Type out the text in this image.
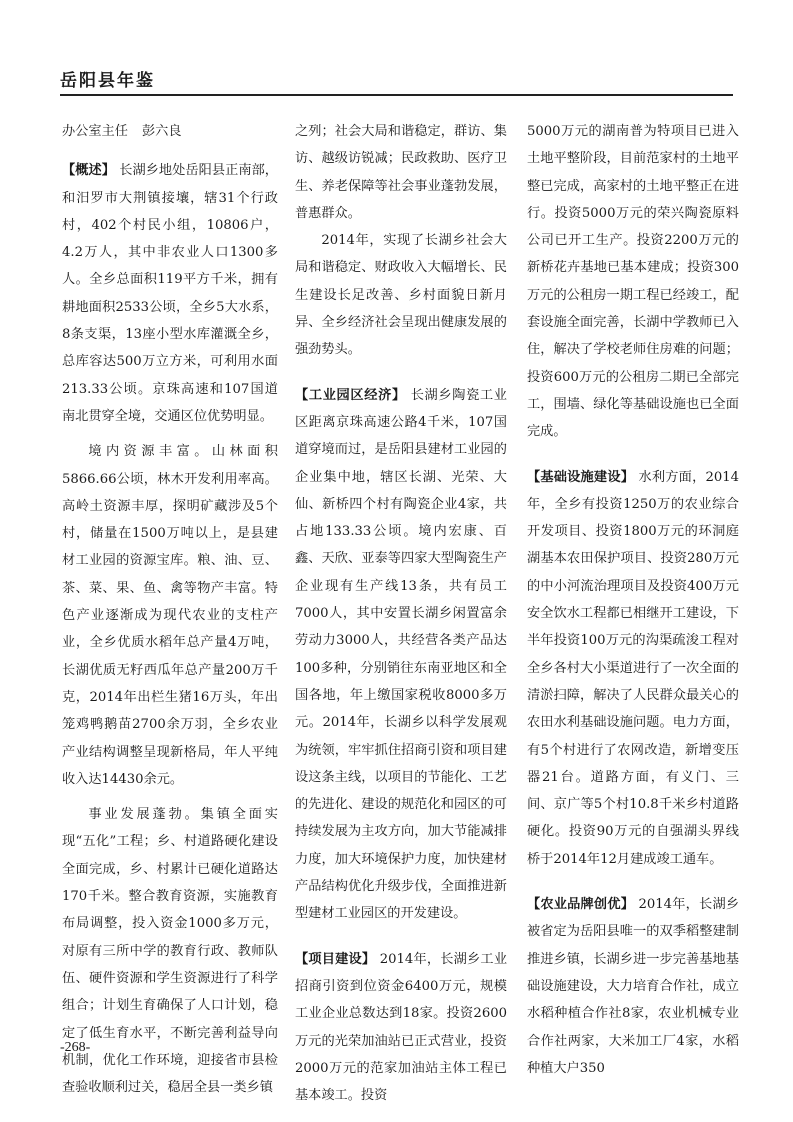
岳阳县年鉴

办公室主任 彭六良

【概述】 长湖乡地处岳阳县正南部，和汨罗市大荆镇接壤，辖31个行政村，402个村民小组，10806户，4.2万人，其中非农业人口1300多人。全乡总面积119平方千米，拥有耕地面积2533公顷，全乡5大水系，8条支渠，13座小型水库灌溉全乡，总库容达500万立方米，可利用水面213.33公顷。京珠高速和107国道南北贯穿全境，交通区位优势明显。

境内资源丰富。山林面积5866.66公顷，林木开发利用率高。高岭土资源丰厚，探明矿藏涉及5个村，储量在1500万吨以上，是县建材工业园的资源宝库。粮、油、豆、茶、菜、果、鱼、禽等物产丰富。特色产业逐渐成为现代农业的支柱产业，全乡优质水稻年总产量4万吨，长湖优质无籽西瓜年总产量200万千克，2014年出栏生猪16万头，年出笼鸡鸭鹅苗2700余万羽，全乡农业产业结构调整呈现新格局，年人平纯收入达14430余元。

事业发展蓬勃。集镇全面实现“五化”工程；乡、村道路硬化建设全面完成，乡、村累计已硬化道路达170千米。整合教育资源，实施教育布局调整，投入资金1000多万元，对原有三所中学的教育行政、教师队伍、硬件资源和学生资源进行了科学组合；计划生育确保了人口计划，稳定了低生育水平，不断完善利益导向机制，优化工作环境，迎接省市县检查验收顺利过关，稳居全县一类乡镇

之列；社会大局和谐稳定，群访、集访、越级访锐减；民政救助、医疗卫生、养老保障等社会事业蓬勃发展，普惠群众。

2014年，实现了长湖乡社会大局和谐稳定、财政收入大幅增长、民生建设长足改善、乡村面貌日新月异、全乡经济社会呈现出健康发展的强劲势头。

【工业园区经济】 长湖乡陶瓷工业区距离京珠高速公路4千米，107国道穿境而过，是岳阳县建材工业园的企业集中地，辖区长湖、光荣、大仙、新桥四个村有陶瓷企业4家，共占地133.33公顷。境内宏康、百鑫、天欣、亚泰等四家大型陶瓷生产企业现有生产线13条，共有员工7000人，其中安置长湖乡闲置富余劳动力3000人，共经营各类产品达100多种，分别销往东南亚地区和全国各地，年上缴国家税收8000多万元。2014年，长湖乡以科学发展观为统领，牢牢抓住招商引资和项目建设这条主线，以项目的节能化、工艺的先进化、建设的规范化和园区的可持续发展为主攻方向，加大节能减排力度，加大环境保护力度，加快建材产品结构优化升级步伐，全面推进新型建材工业园区的开发建设。

【项目建设】 2014年，长湖乡工业招商引资到位资金6400万元，规模工业企业总数达到18家。投资2600万元的光荣加油站已正式营业，投资2000万元的范家加油站主体工程已基本竣工。投资

5000万元的湖南普为特项目已进入土地平整阶段，目前范家村的土地平整已完成，高家村的土地平整正在进行。投资5000万元的荣兴陶瓷原料公司已开工生产。投资2200万元的新桥花卉基地已基本建成；投资300万元的公租房一期工程已经竣工，配套设施全面完善，长湖中学教师已入住，解决了学校老师住房难的问题；投资600万元的公租房二期已全部完工，围墙、绿化等基础设施也已全面完成。

【基础设施建设】 水利方面，2014年，全乡有投资1250万的农业综合开发项目、投资1800万元的环洞庭湖基本农田保护项目、投资280万元的中小河流治理项目及投资400万元安全饮水工程都已相继开工建设，下半年投资100万元的沟渠疏浚工程对全乡各村大小渠道进行了一次全面的清淤扫障，解决了人民群众最关心的农田水利基础设施问题。电力方面，有5个村进行了农网改造，新增变压器21台。道路方面，有义门、三间、京广等5个村10.8千米乡村道路硬化。投资90万元的自强湖头界线桥于2014年12月建成竣工通车。

【农业品牌创优】 2014年，长湖乡被省定为岳阳县唯一的双季稻整建制推进乡镇，长湖乡进一步完善基地基础设施建设，大力培育合作社，成立水稻种植合作社8家，农业机械专业合作社两家，大米加工厂4家，水稻种植大户350

-268-
